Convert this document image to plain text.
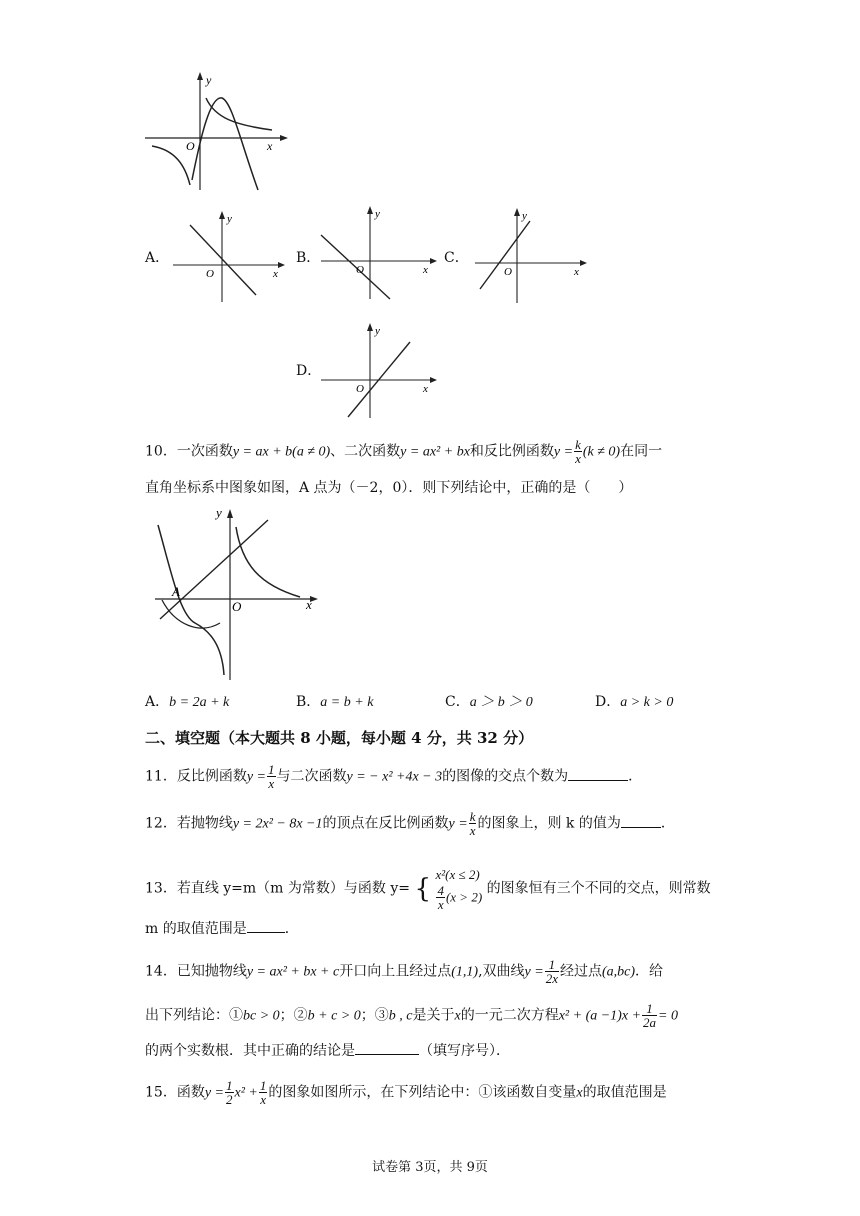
y
x
O
A．
y
x
O
B．
y
x
O
C．
y
x
O
D．
y
x
O
10．一次函数y = ax + b(a ≠ 0)、二次函数y = ax² + bx和反比例函数$y = \frac{k}{x} (k \ne 0)$在同一
直角坐标系中图象如图，A 点为（－2，0）．则下列结论中，正确的是（　　）
y
x
O
A
A．b = 2a + k	B．a = b + k	C．a ＞ b ＞ 0	D．a > k > 0
二、填空题（本大题共 8 小题，每小题 4 分，共 32 分）
11．反比例函数$y = \frac{1}{x}$ 与二次函数y = − x² +4x − 3的图像的交点个数为	．
12．若抛物线y = 2x² − 8x −1的顶点在反比例函数$y = \frac{k}{x}$ 的图象上，则 k 的值为	．
13．若直线 y=m（m 为常数）与函数 y= { x²(x ≤ 2)
$\frac{4}{x} (x > 2)$
的图象恒有三个不同的交点，则常数
m 的取值范围是	．
14．已知抛物线y = ax² + bx + c开口向上且经过点(1,1),双曲线$y = \frac{1}{2x}$ 经过点(a,bc)．给
出下列结论：①bc > 0；②b + c > 0；③b , c是关于x的一元二次方程$x^2 + (a -1)x + \frac{1}{2a} = 0$
的两个实数根．其中正确的结论是	（填写序号）．
15．函数$y = \frac{1}{2} x^2 + \frac{1}{x}$ 的图象如图所示，在下列结论中：①该函数自变量x的取值范围是
试卷第 3页，共 9页
